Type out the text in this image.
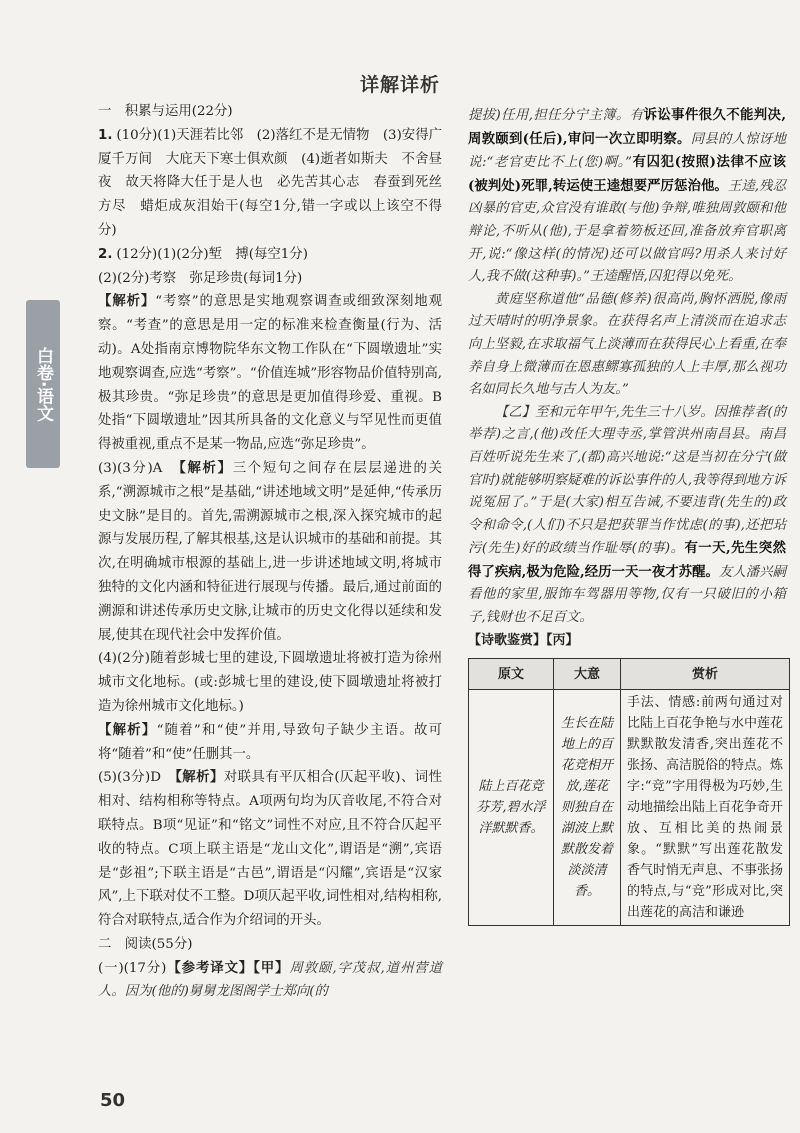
详解详析
白卷·语文

一　积累与运用(22分)

1. (10分)(1)天涯若比邻　(2)落红不是无情物　(3)安得广厦千万间　大庇天下寒士俱欢颜　(4)逝者如斯夫　不舍昼夜　故天将降大任于是人也　必先苦其心志　春蚕到死丝方尽　蜡炬成灰泪始干(每空1分,错一字或以上该空不得分)

2. (12分)(1)(2分)堑　搏(每空1分)

(2)(2分)考察　弥足珍贵(每词1分)

【解析】“考察”的意思是实地观察调查或细致深刻地观察。“考查”的意思是用一定的标准来检查衡量(行为、活动)。A处指南京博物院华东文物工作队在“下圆墩遗址”实地观察调查,应选“考察”。“价值连城”形容物品价值特别高,极其珍贵。“弥足珍贵”的意思是更加值得珍爱、重视。B处指“下圆墩遗址”因其所具备的文化意义与罕见性而更值得被重视,重点不是某一物品,应选“弥足珍贵”。

(3)(3分)A　【解析】三个短句之间存在层层递进的关系,“溯源城市之根”是基础,“讲述地域文明”是延伸,“传承历史文脉”是目的。首先,需溯源城市之根,深入探究城市的起源与发展历程,了解其根基,这是认识城市的基础和前提。其次,在明确城市根源的基础上,进一步讲述地域文明,将城市独特的文化内涵和特征进行展现与传播。最后,通过前面的溯源和讲述传承历史文脉,让城市的历史文化得以延续和发展,使其在现代社会中发挥价值。

(4)(2分)随着彭城七里的建设,下圆墩遗址将被打造为徐州城市文化地标。(或:彭城七里的建设,使下圆墩遗址将被打造为徐州城市文化地标。)

【解析】“随着”和“使”并用,导致句子缺少主语。故可将“随着”和“使”任删其一。

(5)(3分)D　【解析】对联具有平仄相合(仄起平收)、词性相对、结构相称等特点。A项两句均为仄音收尾,不符合对联特点。B项“见证”和“铭文”词性不对应,且不符合仄起平收的特点。C项上联主语是“龙山文化”,谓语是“溯”,宾语是“彭祖”;下联主语是“古邑”,谓语是“闪耀”,宾语是“汉家风”,上下联对仗不工整。D项仄起平收,词性相对,结构相称,符合对联特点,适合作为介绍词的开头。

二　阅读(55分)

(一)(17分)【参考译文】【甲】周敦颐,字茂叔,道州营道人。因为(他的)舅舅龙图阁学士郑向(的

提拔)任用,担任分宁主簿。有诉讼事件很久不能判决,周敦颐到(任后),审问一次立即明察。同县的人惊讶地说:“老官吏比不上(您)啊。”有囚犯(按照)法律不应该(被判处)死罪,转运使王逵想要严厉惩治他。王逵,残忍凶暴的官吏,众官没有谁敢(与他)争辩,唯独周敦颐和他辩论,不听从(他),于是拿着笏板还回,准备放弃官职离开,说:“像这样(的情况)还可以做官吗?用杀人来讨好人,我不做(这种事)。”王逵醒悟,囚犯得以免死。

黄庭坚称道他“品德(修养)很高尚,胸怀洒脱,像雨过天晴时的明净景象。在获得名声上清淡而在追求志向上坚毅,在求取福气上淡薄而在获得民心上看重,在奉养自身上微薄而在恩惠鳏寡孤独的人上丰厚,那么视功名如同长久地与古人为友。”

【乙】至和元年甲午,先生三十八岁。因推荐者(的举荐)之言,(他)改任大理寺丞,掌管洪州南昌县。南昌百姓听说先生来了,(都)高兴地说:“这是当初在分宁(做官时)就能够明察疑难的诉讼事件的人,我等得到地方诉说冤屈了。”于是(大家)相互告诫,不要违背(先生的)政令和命令,(人们)不只是把获罪当作忧虑(的事),还把玷污(先生)好的政绩当作耻辱(的事)。有一天,先生突然得了疾病,极为危险,经历一天一夜才苏醒。友人潘兴嗣看他的家里,服饰车驾器用等物,仅有一只破旧的小箱子,钱财也不足百文。

【诗歌鉴赏】【丙】

原文	大意	赏析
陆上百花竞芬芳,碧水浮洋默默香。	生长在陆地上的百花竞相开放,莲花则独自在湖波上默默散发着淡淡清香。	手法、情感:前两句通过对比陆上百花争艳与水中莲花默默散发清香,突出莲花不张扬、高洁脱俗的特点。炼字:“竞”字用得极为巧妙,生动地描绘出陆上百花争奇开放、互相比美的热闹景象。“默默”写出莲花散发香气时悄无声息、不事张扬的特点,与“竞”形成对比,突出莲花的高洁和谦逊
50
